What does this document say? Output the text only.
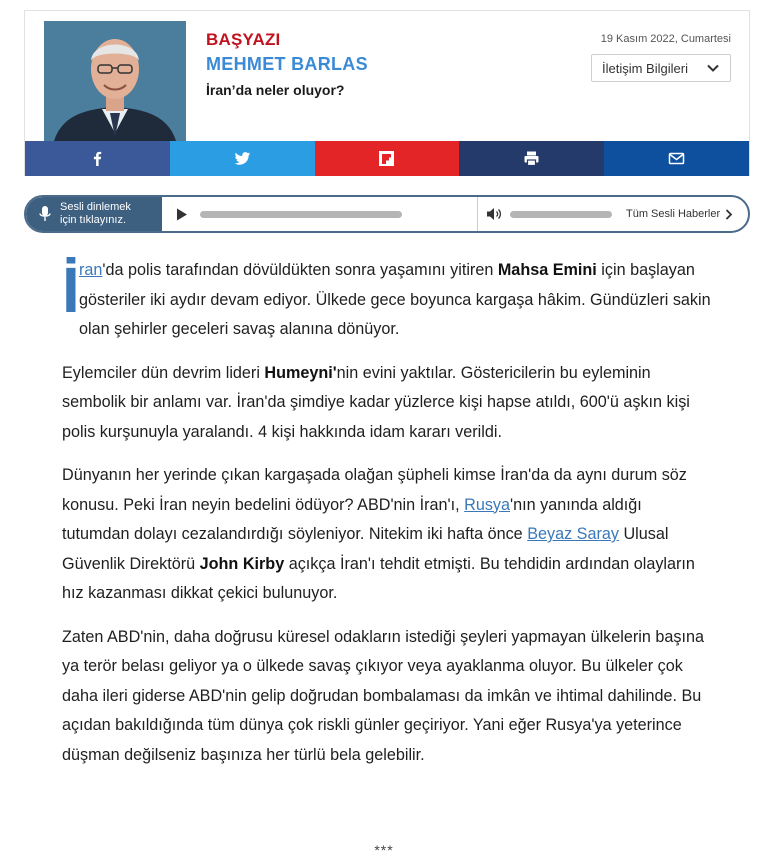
BAŞYAZI
MEHMET BARLAS
İran’da neler oluyor?
19 Kasım 2022, Cumartesi
İletişim Bilgileri
Sesli dinlemek
için tıklayınız.	Tüm Sesli Haberler

İ ran'da polis tarafından dövüldükten sonra yaşamını yitiren Mahsa Emini için başlayan gösteriler iki aydır devam ediyor. Ülkede gece boyunca kargaşa hâkim. Gündüzleri sakin olan şehirler geceleri savaş alanına dönüyor.

Eylemciler dün devrim lideri Humeyni'nin evini yaktılar. Göstericilerin bu eyleminin sembolik bir anlamı var. İran'da şimdiye kadar yüzlerce kişi hapse atıldı, 600'ü aşkın kişi polis kurşunuyla yaralandı. 4 kişi hakkında idam kararı verildi.

Dünyanın her yerinde çıkan kargaşada olağan şüpheli kimse İran'da da aynı durum söz konusu. Peki İran neyin bedelini ödüyor? ABD'nin İran'ı, Rusya'nın yanında aldığı tutumdan dolayı cezalandırdığı söyleniyor. Nitekim iki hafta önce Beyaz Saray Ulusal Güvenlik Direktörü John Kirby açıkça İran'ı tehdit etmişti. Bu tehdidin ardından olayların hız kazanması dikkat çekici bulunuyor.

Zaten ABD'nin, daha doğrusu küresel odakların istediği şeyleri yapmayan ülkelerin başına ya terör belası geliyor ya o ülkede savaş çıkıyor veya ayaklanma oluyor. Bu ülkeler çok daha ileri giderse ABD'nin gelip doğrudan bombalaması da imkân ve ihtimal dahilinde. Bu açıdan bakıldığında tüm dünya çok riskli günler geçiriyor. Yani eğer Rusya'ya yeterince düşman değilseniz başınıza her türlü bela gelebilir.

***
